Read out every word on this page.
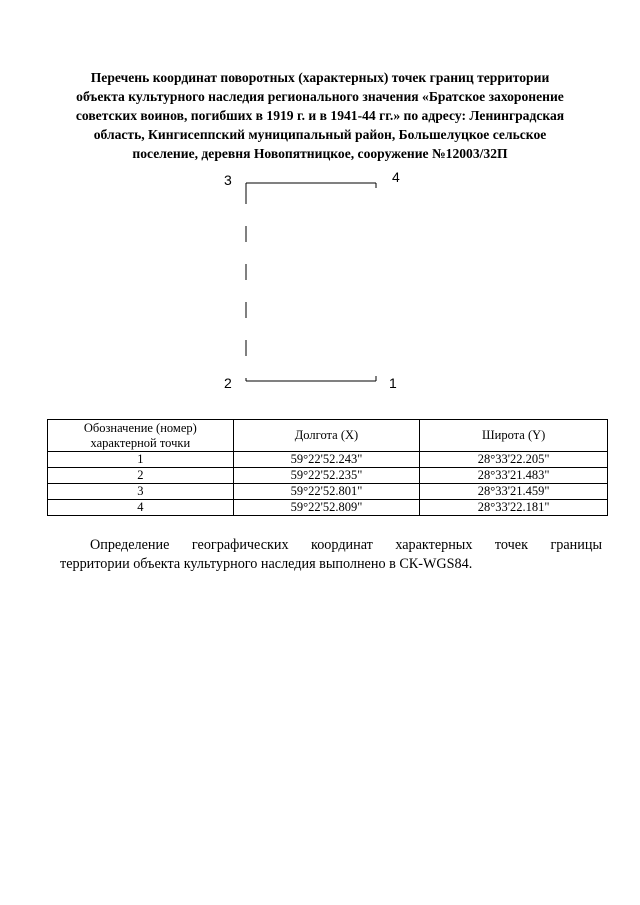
Перечень координат поворотных (характерных) точек границ территории
объекта культурного наследия регионального значения «Братское захоронение
советских воинов, погибших в 1919 г. и в 1941-44 гг.» по адресу: Ленинградская
область, Кингисеппский муниципальный район, Большелуцкое сельское
поселение, деревня Новопятницкое, сооружение №12003/32П
3	4
2	1
Обозначение (номер) характерной точки	Долгота (X)	Широта (Y)
1	59°22'52.243"	28°33'22.205"
2	59°22'52.235"	28°33'21.483"
3	59°22'52.801"	28°33'21.459"
4	59°22'52.809"	28°33'22.181"
Определение географических координат характерных точек границы
территории объекта культурного наследия выполнено в СК-WGS84.
